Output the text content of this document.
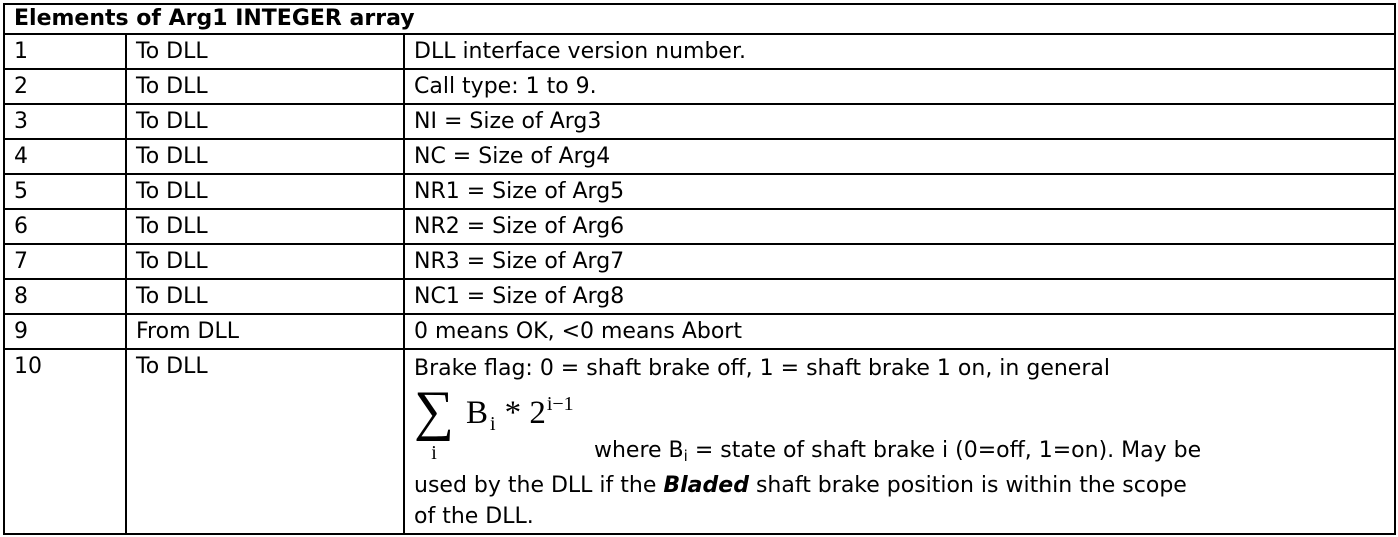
Elements of Arg1 INTEGER array		
1	To DLL	DLL interface version number.
2	To DLL	Call type: 1 to 9.
3	To DLL	NI = Size of Arg3
4	To DLL	NC = Size of Arg4
5	To DLL	NR1 = Size of Arg5
6	To DLL	NR2 = Size of Arg6
7	To DLL	NR3 = Size of Arg7
8	To DLL	NC1 = Size of Arg8
9	From DLL	0 means OK, <0 means Abort
10	To DLL	Brake flag: 0 = shaft brake off, 1 = shaft brake 1 on, in general
∑
i
B $_i * 2^{i-1}$
where $B_i$ = state of shaft brake i (0=off, 1=on). May be
used by the DLL if the Bladed shaft brake position is within the scope
of the DLL.
